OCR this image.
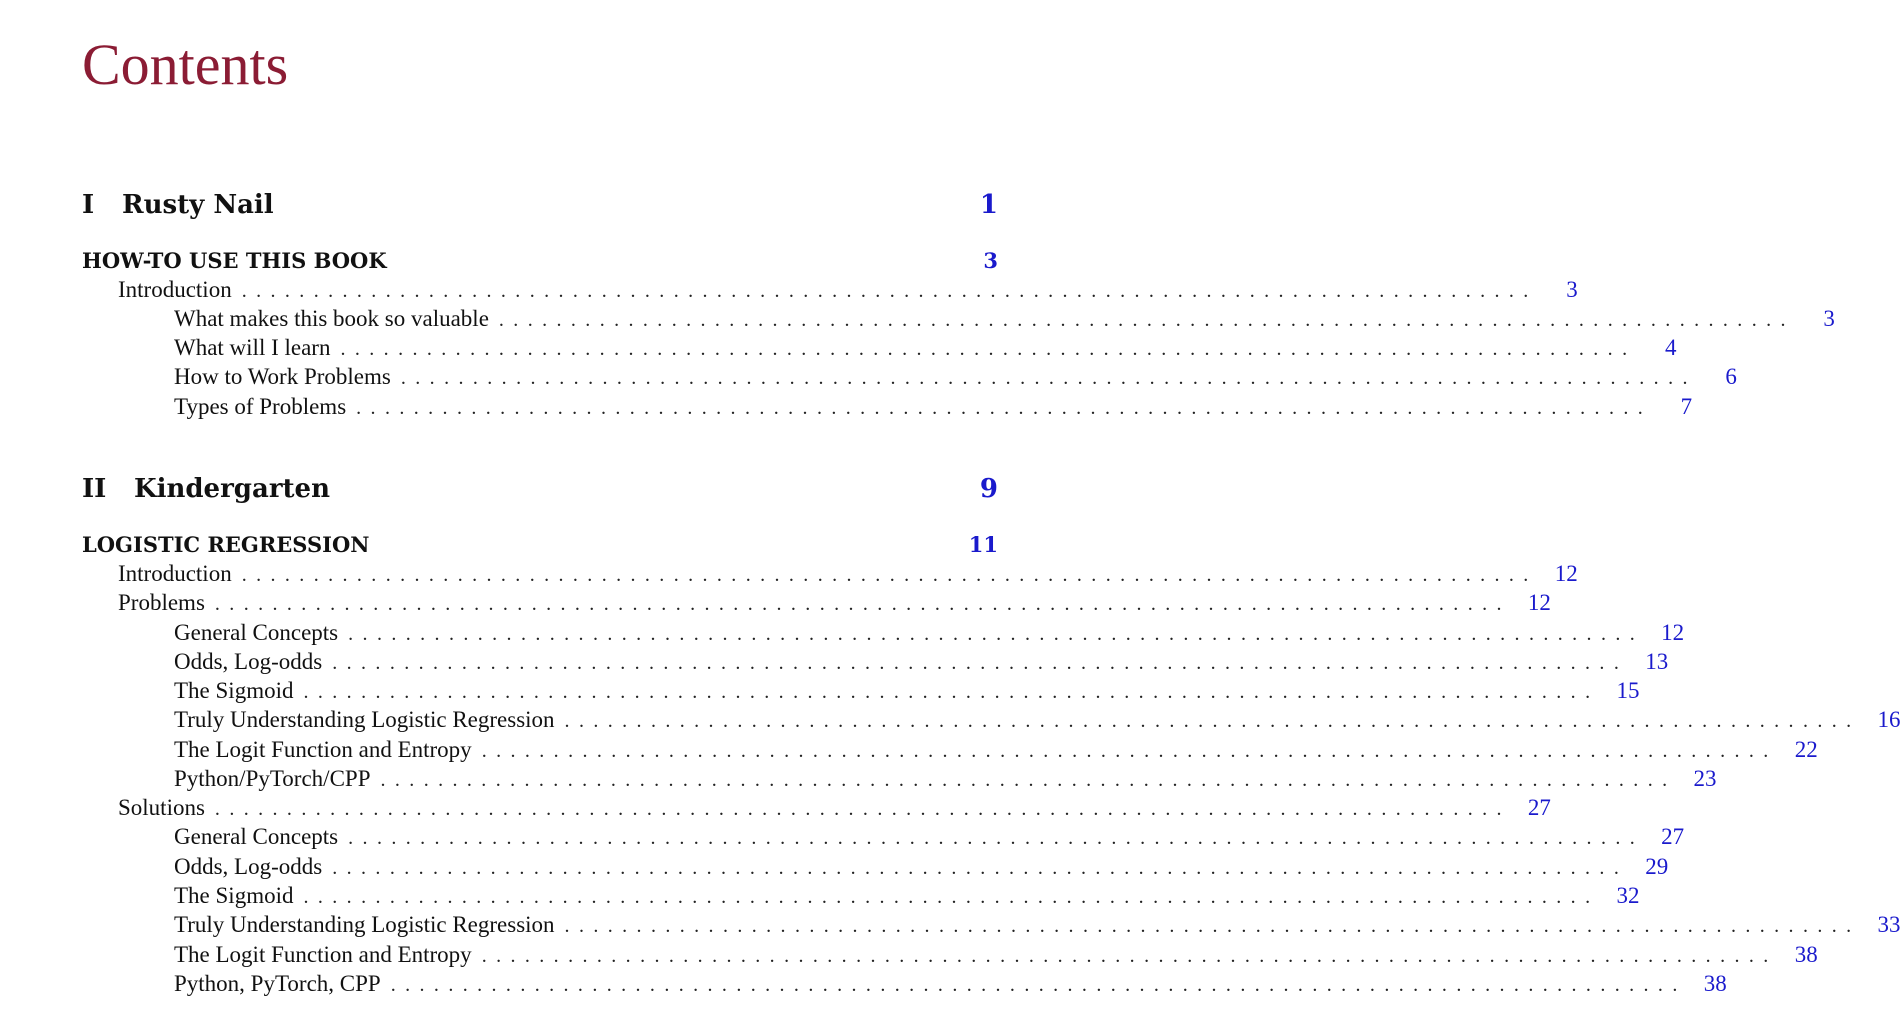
Contents
I	Rusty Nail	1
HOW-TO USE THIS BOOK	3
Introduction ..........................................................................................	3
What makes this book so valuable ..........................................................................................	3
What will I learn ..........................................................................................	4
How to Work Problems ..........................................................................................	6
Types of Problems ..........................................................................................	7
II	Kindergarten	9
LOGISTIC REGRESSION	11
Introduction .......................................................................................... 12
Problems .......................................................................................... 12
General Concepts .......................................................................................... 12
Odds, Log-odds .......................................................................................... 13
The Sigmoid .......................................................................................... 15
Truly Understanding Logistic Regression .......................................................................................... 16
The Logit Function and Entropy .......................................................................................... 22
Python/PyTorch/CPP .......................................................................................... 23
Solutions .......................................................................................... 27
General Concepts .......................................................................................... 27
Odds, Log-odds .......................................................................................... 29
The Sigmoid .......................................................................................... 32
Truly Understanding Logistic Regression .......................................................................................... 33
The Logit Function and Entropy .......................................................................................... 38
Python, PyTorch, CPP .......................................................................................... 38
